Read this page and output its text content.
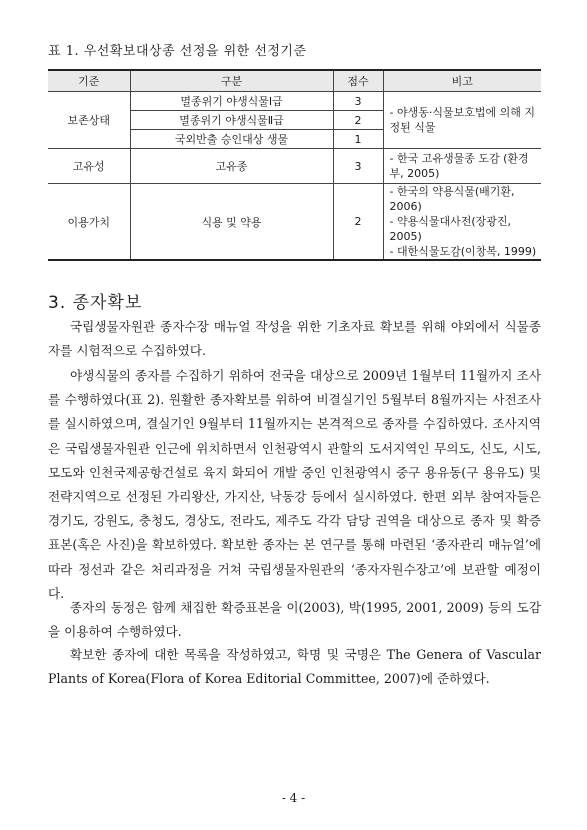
표 1. 우선확보대상종 선정을 위한 선정기준
기준	구분	점수	비고
보존상태	멸종위기 야생식물Ⅰ급	3	- 야생동·식물보호법에 의해 지정된 식물
	멸종위기 야생식물Ⅱ급	2	
	국외반출 승인대상 생물	1	
고유성	고유종	3	- 한국 고유생물종 도감 (환경부, 2005)
이용가치	식용 및 약용	2	- 한국의 약용식물(배기환, 2006)
- 약용식물대사전(장광진, 2005)
- 대한식물도감(이창복, 1999)
3. 종자확보

국립생물자원관 종자수장 매뉴얼 작성을 위한 기초자료 확보를 위해 야외에서 식물종자를 시험적으로 수집하였다.

야생식물의 종자를 수집하기 위하여 전국을 대상으로 2009년 1월부터 11월까지 조사를 수행하였다(표 2). 원활한 종자확보를 위하여 비결실기인 5월부터 8월까지는 사전조사를 실시하였으며, 결실기인 9월부터 11월까지는 본격적으로 종자를 수집하였다. 조사지역은 국립생물자원관 인근에 위치하면서 인천광역시 관할의 도서지역인 무의도, 신도, 시도, 모도와 인천국제공항건설로 육지 화되어 개발 중인 인천광역시 중구 용유동(구 용유도) 및 전략지역으로 선정된 가리왕산, 가지산, 낙동강 등에서 실시하였다. 한편 외부 참여자들은 경기도, 강원도, 충청도, 경상도, 전라도, 제주도 각각 담당 권역을 대상으로 종자 및 확증표본(혹은 사진)을 확보하였다. 확보한 종자는 본 연구를 통해 마련된 ‘종자관리 매뉴얼’에 따라 정선과 같은 처리과정을 거쳐 국립생물자원관의 ‘종자자원수장고’에 보관할 예정이다.

종자의 동정은 함께 채집한 확증표본을 이(2003), 박(1995, 2001, 2009) 등의 도감을 이용하여 수행하였다.

확보한 종자에 대한 목록을 작성하였고, 학명 및 국명은 The Genera of Vascular Plants of Korea(Flora of Korea Editorial Committee, 2007)에 준하였다.

- 4 -
